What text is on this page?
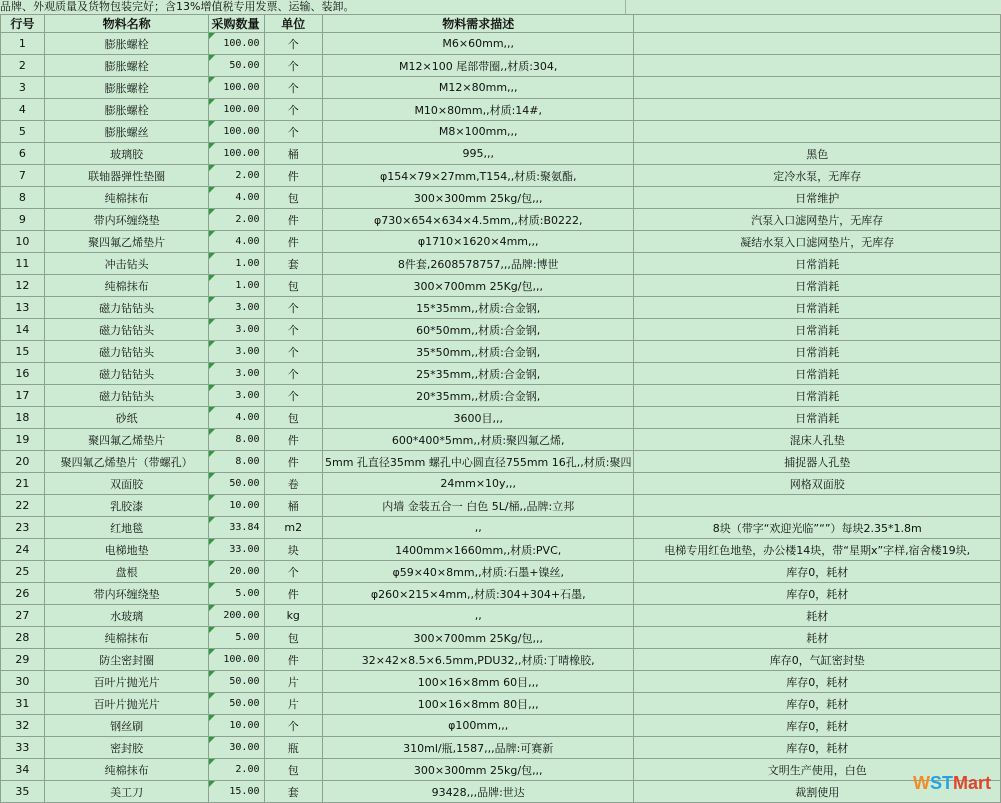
品牌、外观质量及货物包装完好；含13%增值税专用发票、运输、装卸。
行号	物料名称	采购数量	单位	物料需求描述	
1	膨胀螺栓	100.00	个	M6×60mm,,,	
2	膨胀螺栓	50.00	个	M12×100 尾部带圈,,材质:304,	
3	膨胀螺栓	100.00	个	M12×80mm,,,	
4	膨胀螺栓	100.00	个	M10×80mm,,材质:14#,	
5	膨胀螺丝	100.00	个	M8×100mm,,,	
6	玻璃胶	100.00	桶	995,,,	黑色
7	联轴器弹性垫圈	2.00	件	φ154×79×27mm,T154,,材质:聚氨酯,	定冷水泵，无库存
8	纯棉抹布	4.00	包	300×300mm 25kg/包,,,	日常维护
9	带内环缠绕垫	2.00	件	φ730×654×634×4.5mm,,材质:B0222,	汽泵入口滤网垫片，无库存
10	聚四氟乙烯垫片	4.00	件	φ1710×1620×4mm,,,	凝结水泵入口滤网垫片，无库存
11	冲击钻头	1.00	套	8件套,2608578757,,,品牌:博世	日常消耗
12	纯棉抹布	1.00	包	300×700mm 25Kg/包,,,	日常消耗
13	磁力钻钻头	3.00	个	15*35mm,,材质:合金钢,	日常消耗
14	磁力钻钻头	3.00	个	60*50mm,,材质:合金钢,	日常消耗
15	磁力钻钻头	3.00	个	35*50mm,,材质:合金钢,	日常消耗
16	磁力钻钻头	3.00	个	25*35mm,,材质:合金钢,	日常消耗
17	磁力钻钻头	3.00	个	20*35mm,,材质:合金钢,	日常消耗
18	砂纸	4.00	包	3600目,,,	日常消耗
19	聚四氟乙烯垫片	8.00	件	600*400*5mm,,材质:聚四氟乙烯,	混床人孔垫
20	聚四氟乙烯垫片（带螺孔）	8.00	件	5mm 孔直径35mm 螺孔中心圆直径755mm 16孔,,材质:聚四	捕捉器人孔垫
21	双面胶	50.00	卷	24mm×10y,,,	网格双面胶
22	乳胶漆	10.00	桶	内墙 金装五合一 白色 5L/桶,,品牌:立邦	
23	红地毯	33.84	m2	,,	8块（带字“欢迎光临”“”）每块2.35*1.8m
24	电梯地垫	33.00	块	1400mm×1660mm,,材质:PVC,	电梯专用红色地垫，办公楼14块，带“星期x”字样,宿舍楼19块,
25	盘根	20.00	个	φ59×40×8mm,,材质:石墨+镍丝,	库存0，耗材
26	带内环缠绕垫	5.00	件	φ260×215×4mm,,材质:304+304+石墨,	库存0，耗材
27	水玻璃	200.00	kg	,,	耗材
28	纯棉抹布	5.00	包	300×700mm 25Kg/包,,,	耗材
29	防尘密封圈	100.00	件	32×42×8.5×6.5mm,PDU32,,材质:丁晴橡胶,	库存0，气缸密封垫
30	百叶片抛光片	50.00	片	100×16×8mm 60目,,,	库存0，耗材
31	百叶片抛光片	50.00	片	100×16×8mm 80目,,,	库存0，耗材
32	钢丝刷	10.00	个	φ100mm,,,	库存0，耗材
33	密封胶	30.00	瓶	310ml/瓶,1587,,,品牌:可赛新	库存0，耗材
34	纯棉抹布	2.00	包	300×300mm 25kg/包,,,	文明生产使用，白色
35	美工刀	15.00	套	93428,,,品牌:世达	裁割使用	WSTMart
